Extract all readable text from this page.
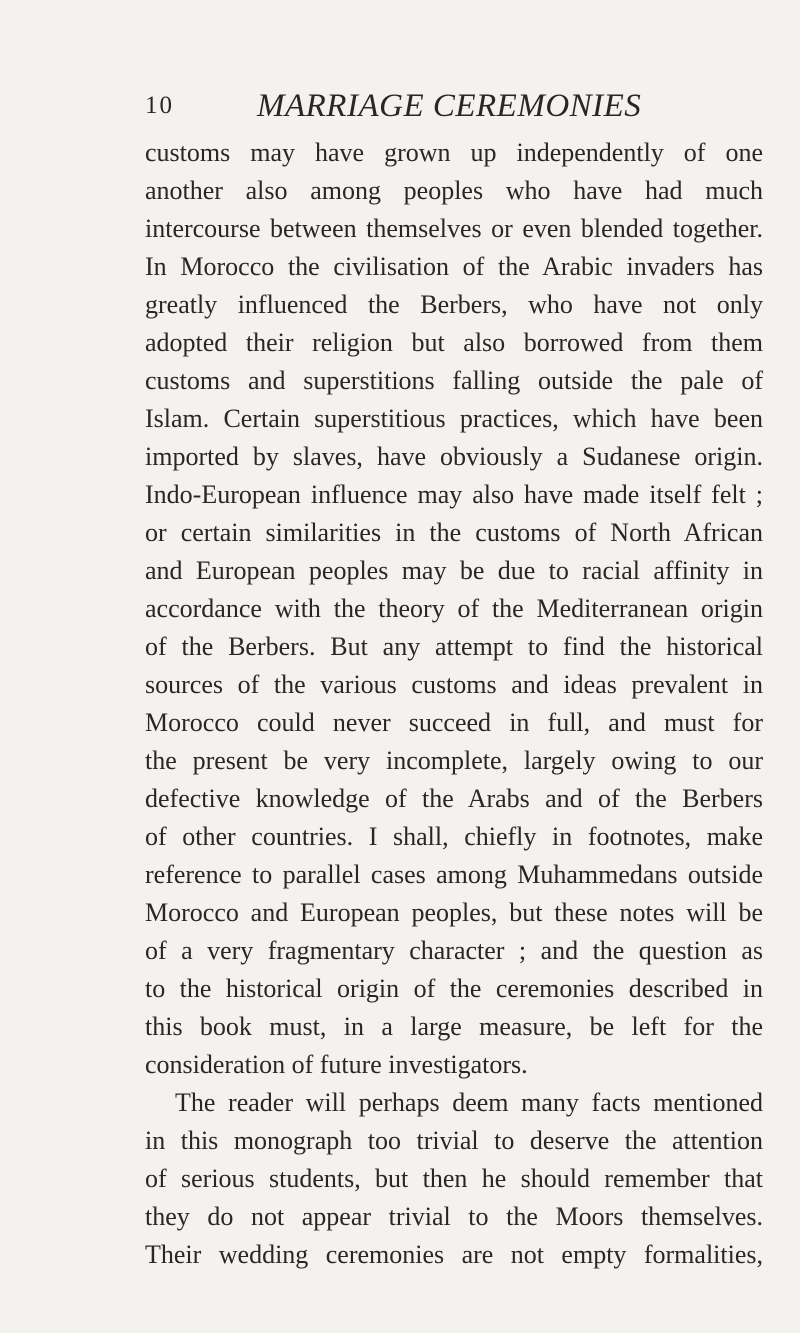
10	MARRIAGE CEREMONIES
customs may have grown up independently of one
another also among peoples who have had much
intercourse between themselves or even blended together.
In Morocco the civilisation of the Arabic invaders has
greatly influenced the Berbers, who have not only
adopted their religion but also borrowed from them
customs and superstitions falling outside the pale of
Islam. Certain superstitious practices, which have been
imported by slaves, have obviously a Sudanese origin.
Indo-European influence may also have made itself felt ;
or certain similarities in the customs of North African
and European peoples may be due to racial affinity in
accordance with the theory of the Mediterranean origin
of the Berbers. But any attempt to find the historical
sources of the various customs and ideas prevalent in
Morocco could never succeed in full, and must for
the present be very incomplete, largely owing to our
defective knowledge of the Arabs and of the Berbers
of other countries. I shall, chiefly in footnotes, make
reference to parallel cases among Muhammedans outside
Morocco and European peoples, but these notes will be
of a very fragmentary character ; and the question as
to the historical origin of the ceremonies described in
this book must, in a large measure, be left for the
consideration of future investigators.
The reader will perhaps deem many facts mentioned
in this monograph too trivial to deserve the attention
of serious students, but then he should remember that
they do not appear trivial to the Moors themselves.
Their wedding ceremonies are not empty formalities,
